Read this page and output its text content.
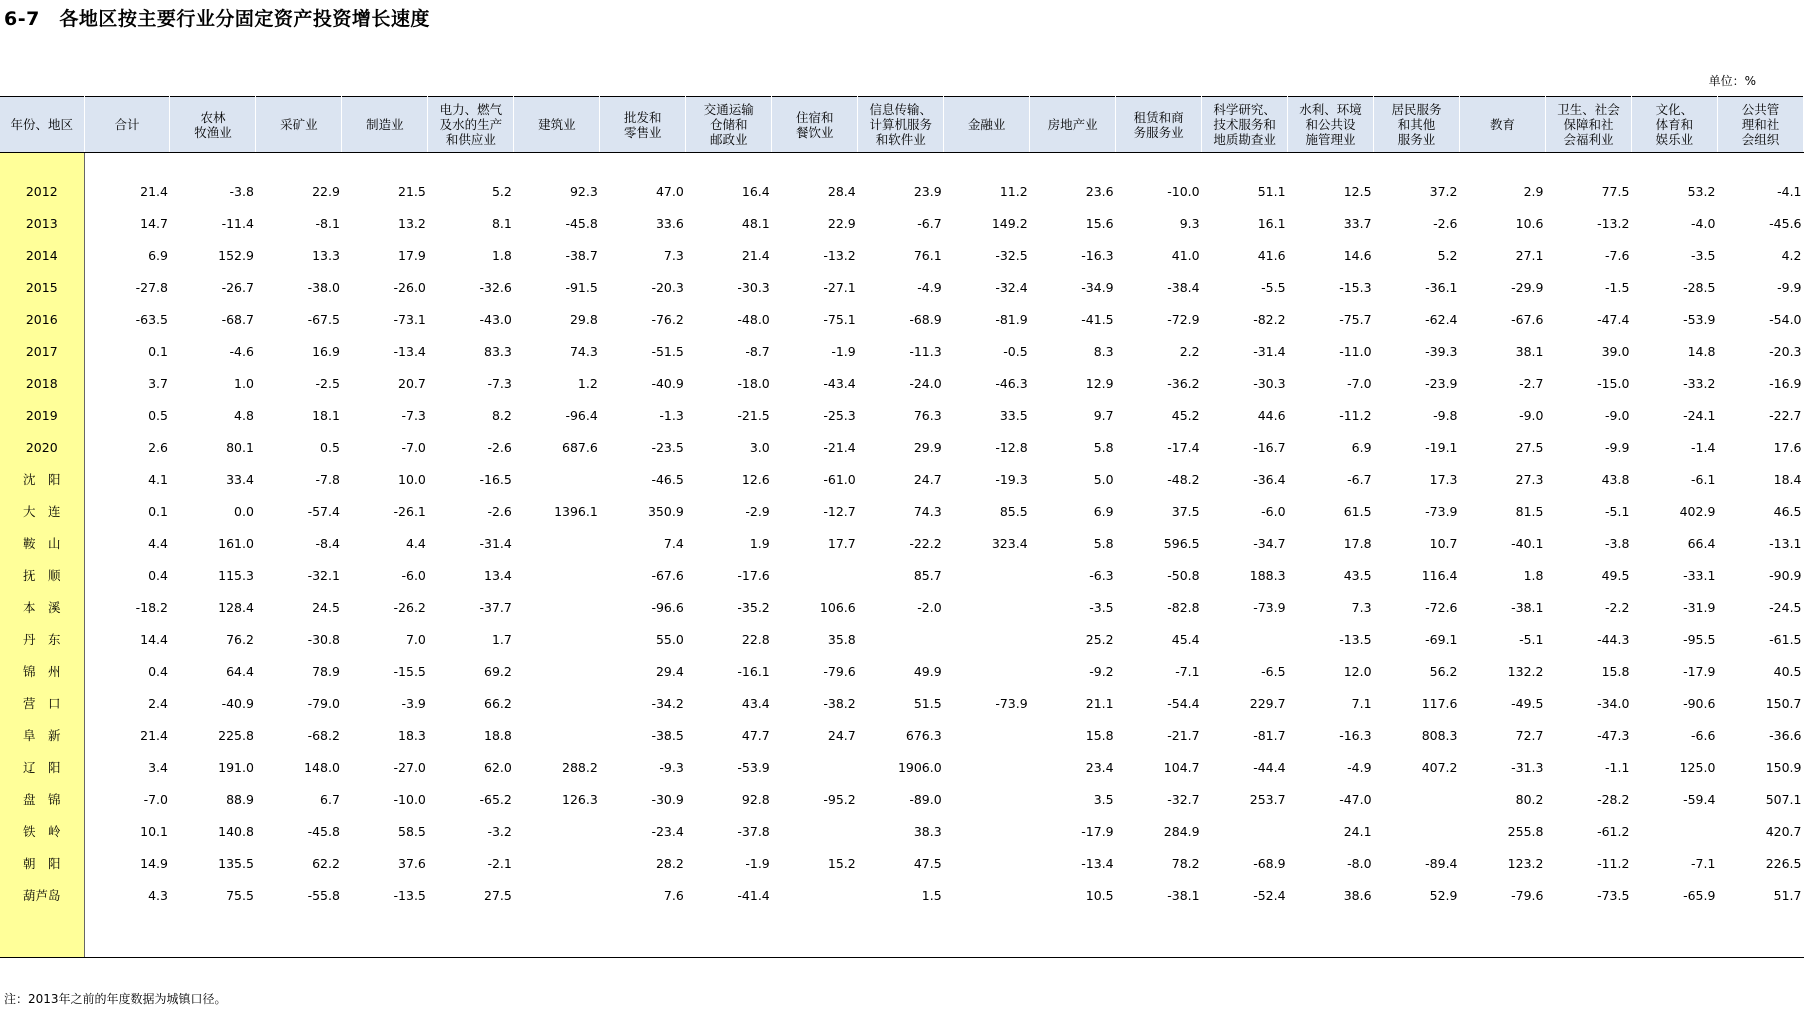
6-7　各地区按主要行业分固定资产投资增长速度
单位：%
年份、地区	合计	农林
牧渔业	采矿业	制造业	电力、燃气
及水的生产
和供应业	建筑业	批发和
零售业	交通运输
仓储和
邮政业	住宿和
餐饮业	信息传输、
计算机服务
和软件业	金融业	房地产业	租赁和商
务服务业	科学研究、
技术服务和
地质勘查业	水利、环境
和公共设
施管理业	居民服务
和其他
服务业	教育	卫生、社会
保障和社
会福利业	文化、
体育和
娱乐业	公共管
理和社
会组织

2012	21.4	-3.8	22.9	21.5	5.2	92.3	47.0	16.4	28.4	23.9	11.2	23.6	-10.0	51.1	12.5	37.2	2.9	77.5	53.2	-4.1
2013	14.7	-11.4	-8.1	13.2	8.1	-45.8	33.6	48.1	22.9	-6.7	149.2	15.6	9.3	16.1	33.7	-2.6	10.6	-13.2	-4.0	-45.6
2014	6.9	152.9	13.3	17.9	1.8	-38.7	7.3	21.4	-13.2	76.1	-32.5	-16.3	41.0	41.6	14.6	5.2	27.1	-7.6	-3.5	4.2
2015	-27.8	-26.7	-38.0	-26.0	-32.6	-91.5	-20.3	-30.3	-27.1	-4.9	-32.4	-34.9	-38.4	-5.5	-15.3	-36.1	-29.9	-1.5	-28.5	-9.9
2016	-63.5	-68.7	-67.5	-73.1	-43.0	29.8	-76.2	-48.0	-75.1	-68.9	-81.9	-41.5	-72.9	-82.2	-75.7	-62.4	-67.6	-47.4	-53.9	-54.0
2017	0.1	-4.6	16.9	-13.4	83.3	74.3	-51.5	-8.7	-1.9	-11.3	-0.5	8.3	2.2	-31.4	-11.0	-39.3	38.1	39.0	14.8	-20.3
2018	3.7	1.0	-2.5	20.7	-7.3	1.2	-40.9	-18.0	-43.4	-24.0	-46.3	12.9	-36.2	-30.3	-7.0	-23.9	-2.7	-15.0	-33.2	-16.9
2019	0.5	4.8	18.1	-7.3	8.2	-96.4	-1.3	-21.5	-25.3	76.3	33.5	9.7	45.2	44.6	-11.2	-9.8	-9.0	-9.0	-24.1	-22.7
2020	2.6	80.1	0.5	-7.0	-2.6	687.6	-23.5	3.0	-21.4	29.9	-12.8	5.8	-17.4	-16.7	6.9	-19.1	27.5	-9.9	-1.4	17.6
沈　阳	4.1	33.4	-7.8	10.0	-16.5		-46.5	12.6	-61.0	24.7	-19.3	5.0	-48.2	-36.4	-6.7	17.3	27.3	43.8	-6.1	18.4
大　连	0.1	0.0	-57.4	-26.1	-2.6	1396.1	350.9	-2.9	-12.7	74.3	85.5	6.9	37.5	-6.0	61.5	-73.9	81.5	-5.1	402.9	46.5
鞍　山	4.4	161.0	-8.4	4.4	-31.4		7.4	1.9	17.7	-22.2	323.4	5.8	596.5	-34.7	17.8	10.7	-40.1	-3.8	66.4	-13.1
抚　顺	0.4	115.3	-32.1	-6.0	13.4		-67.6	-17.6		85.7		-6.3	-50.8	188.3	43.5	116.4	1.8	49.5	-33.1	-90.9
本　溪	-18.2	128.4	24.5	-26.2	-37.7		-96.6	-35.2	106.6	-2.0		-3.5	-82.8	-73.9	7.3	-72.6	-38.1	-2.2	-31.9	-24.5
丹　东	14.4	76.2	-30.8	7.0	1.7		55.0	22.8	35.8			25.2	45.4		-13.5	-69.1	-5.1	-44.3	-95.5	-61.5
锦　州	0.4	64.4	78.9	-15.5	69.2		29.4	-16.1	-79.6	49.9		-9.2	-7.1	-6.5	12.0	56.2	132.2	15.8	-17.9	40.5
营　口	2.4	-40.9	-79.0	-3.9	66.2		-34.2	43.4	-38.2	51.5	-73.9	21.1	-54.4	229.7	7.1	117.6	-49.5	-34.0	-90.6	150.7
阜　新	21.4	225.8	-68.2	18.3	18.8		-38.5	47.7	24.7	676.3		15.8	-21.7	-81.7	-16.3	808.3	72.7	-47.3	-6.6	-36.6
辽　阳	3.4	191.0	148.0	-27.0	62.0	288.2	-9.3	-53.9		1906.0		23.4	104.7	-44.4	-4.9	407.2	-31.3	-1.1	125.0	150.9
盘　锦	-7.0	88.9	6.7	-10.0	-65.2	126.3	-30.9	92.8	-95.2	-89.0		3.5	-32.7	253.7	-47.0		80.2	-28.2	-59.4	507.1
铁　岭	10.1	140.8	-45.8	58.5	-3.2		-23.4	-37.8		38.3		-17.9	284.9		24.1		255.8	-61.2		420.7
朝　阳	14.9	135.5	62.2	37.6	-2.1		28.2	-1.9	15.2	47.5		-13.4	78.2	-68.9	-8.0	-89.4	123.2	-11.2	-7.1	226.5
葫芦岛	4.3	75.5	-55.8	-13.5	27.5		7.6	-41.4		1.5		10.5	-38.1	-52.4	38.6	52.9	-79.6	-73.5	-65.9	51.7

注：2013年之前的年度数据为城镇口径。
